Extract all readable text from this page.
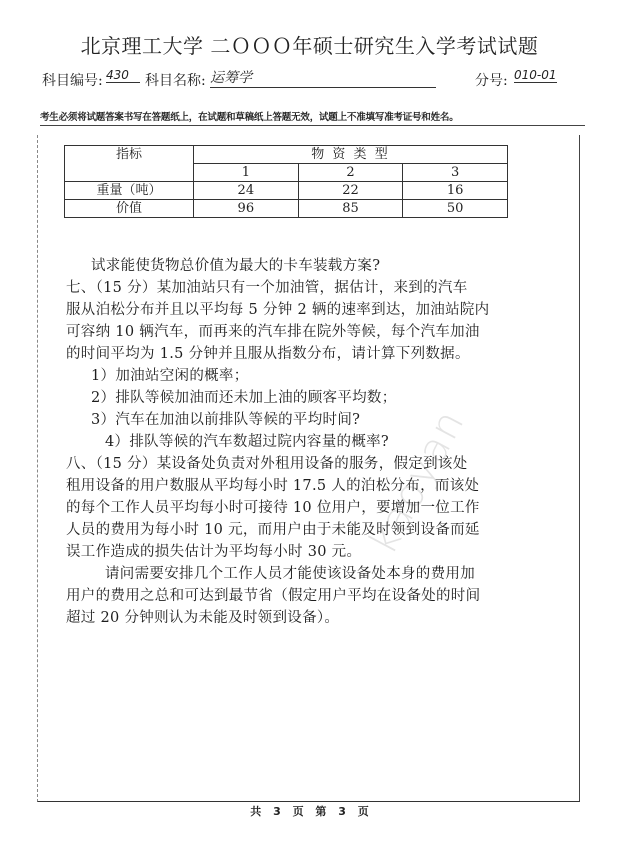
北京理工大学 二ＯＯＯ年硕士研究生入学考试试题
科目编号: 430	科目名称: 运筹学	分号: 010-01
考生必须将试题答案书写在答题纸上，在试题和草稿纸上答题无效，试题上不准填写准考证号和姓名。
指标	物 资 类 型		
	1	2	3
重量（吨）	24	22	16
价值	96	85	50
kaoyan

试求能使货物总价值为最大的卡车装载方案?

七、（15 分）某加油站只有一个加油管，据估计，来到的汽车

服从泊松分布并且以平均每 5 分钟 2 辆的速率到达，加油站院内

可容纳 10 辆汽车，而再来的汽车排在院外等候，每个汽车加油

的时间平均为 1.5 分钟并且服从指数分布，请计算下列数据。

1）加油站空闲的概率；

2）排队等候加油而还未加上油的顾客平均数；

3）汽车在加油以前排队等候的平均时间?

4）排队等候的汽车数超过院内容量的概率?

八、（15 分）某设备处负责对外租用设备的服务，假定到该处

租用设备的用户数服从平均每小时 17.5 人的泊松分布，而该处

的每个工作人员平均每小时可接待 10 位用户，要增加一位工作

人员的费用为每小时 10 元，而用户由于未能及时领到设备而延

误工作造成的损失估计为平均每小时 30 元。

请问需要安排几个工作人员才能使该设备处本身的费用加

用户的费用之总和可达到最节省（假定用户平均在设备处的时间

超过 20 分钟则认为未能及时领到设备）。

共 3 页 第 3 页
